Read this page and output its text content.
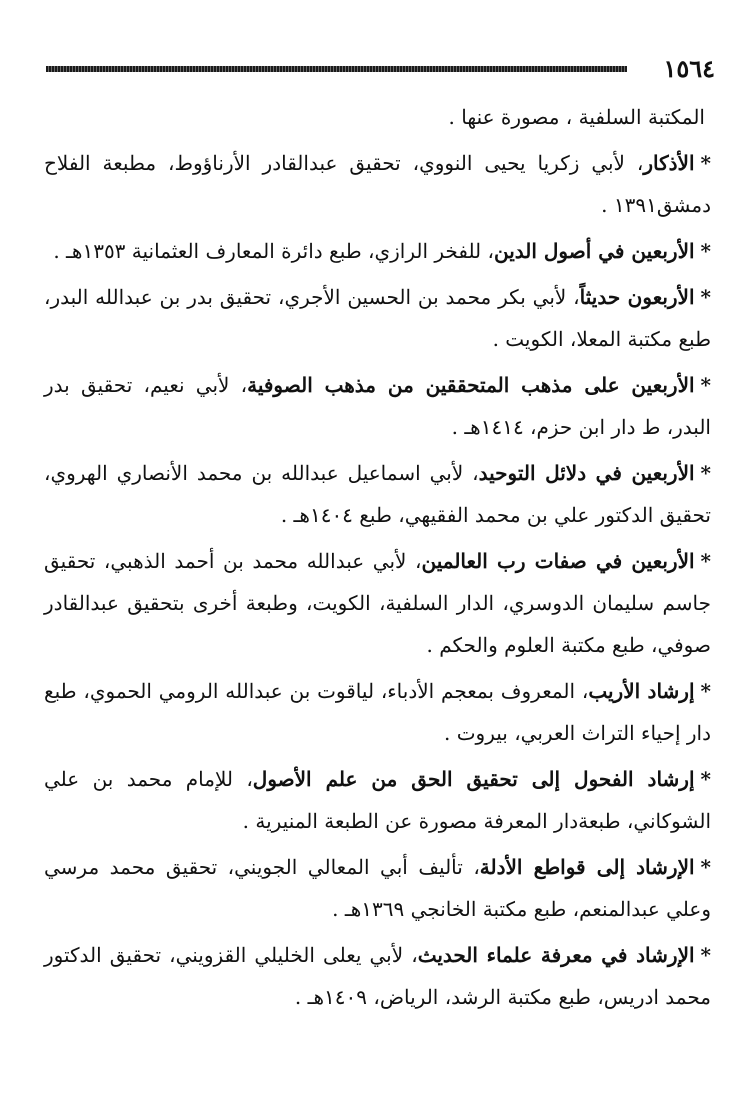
١٥٦٤

المكتبة السلفية ، مصورة عنها .

*الأذكار، لأبي زكريا يحيى النووي، تحقيق عبدالقادر الأرناؤوط، مطبعة الفلاح دمشق١٣٩١ .

*الأربعين في أصول الدين، للفخر الرازي، طبع دائرة المعارف العثمانية ١٣٥٣هـ .

*الأربعون حديثاً، لأبي بكر محمد بن الحسين الأجري، تحقيق بدر بن عبدالله البدر، طبع مكتبة المعلا، الكويت .

*الأربعين على مذهب المتحققين من مذهب الصوفية، لأبي نعيم، تحقيق بدر البدر، ط دار ابن حزم، ١٤١٤هـ .

*الأربعين في دلائل التوحيد، لأبي اسماعيل عبدالله بن محمد الأنصاري الهروي، تحقيق الدكتور علي بن محمد الفقيهي، طبع ١٤٠٤هـ .

*الأربعين في صفات رب العالمين، لأبي عبدالله محمد بن أحمد الذهبي، تحقيق جاسم سليمان الدوسري، الدار السلفية، الكويت، وطبعة أخرى بتحقيق عبدالقادر صوفي، طبع مكتبة العلوم والحكم .

*إرشاد الأريب، المعروف بمعجم الأدباء، لياقوت بن عبدالله الرومي الحموي، طبع دار إحياء التراث العربي، بيروت .

*إرشاد الفحول إلى تحقيق الحق من علم الأصول، للإمام محمد بن علي الشوكاني، طبعةدار المعرفة مصورة عن الطبعة المنيرية .

*الإرشاد إلى قواطع الأدلة، تأليف أبي المعالي الجويني، تحقيق محمد مرسي وعلي عبدالمنعم، طبع مكتبة الخانجي ١٣٦٩هـ .

*الإرشاد في معرفة علماء الحديث، لأبي يعلى الخليلي القزويني، تحقيق الدكتور محمد ادريس، طبع مكتبة الرشد، الرياض، ١٤٠٩هـ .
